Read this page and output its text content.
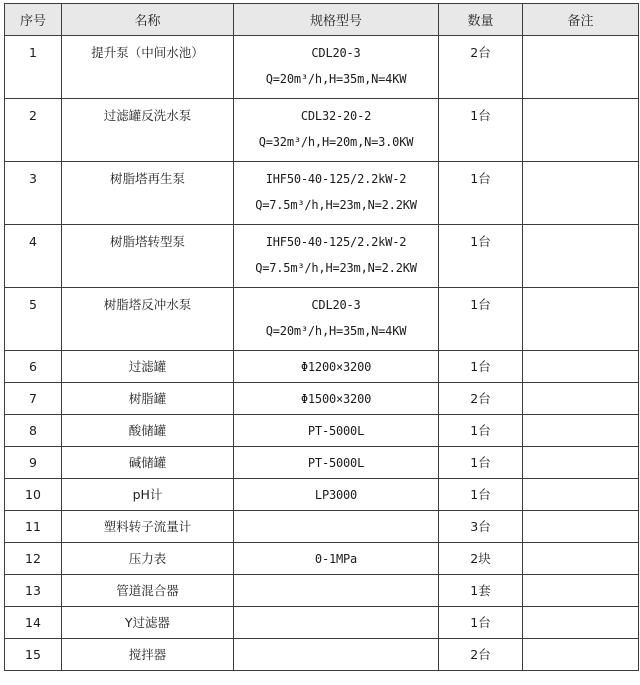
序号	名称	规格型号	数量	备注

1	提升泵（中间水池）	CDL20-3
Q=20m³/h,H=35m,N=4KW	2台	

2	过滤罐反洗水泵	CDL32-20-2
Q=32m³/h,H=20m,N=3.0KW	1台	

3	树脂塔再生泵	IHF50-40-125/2.2kW-2
Q=7.5m³/h,H=23m,N=2.2KW	1台	

4	树脂塔转型泵	IHF50-40-125/2.2kW-2
Q=7.5m³/h,H=23m,N=2.2KW	1台	

5	树脂塔反冲水泵	CDL20-3
Q=20m³/h,H=35m,N=4KW	1台	

6	过滤罐	Φ1200×3200	1台	

7	树脂罐	Φ1500×3200	2台	

8	酸储罐	PT-5000L	1台	

9	碱储罐	PT-5000L	1台	

10	pH计	LP3000	1台	

11	塑料转子流量计		3台	

12	压力表	0-1MPa	2块	

13	管道混合器		1套	

14	Y过滤器		1台	

15	搅拌器		2台	
